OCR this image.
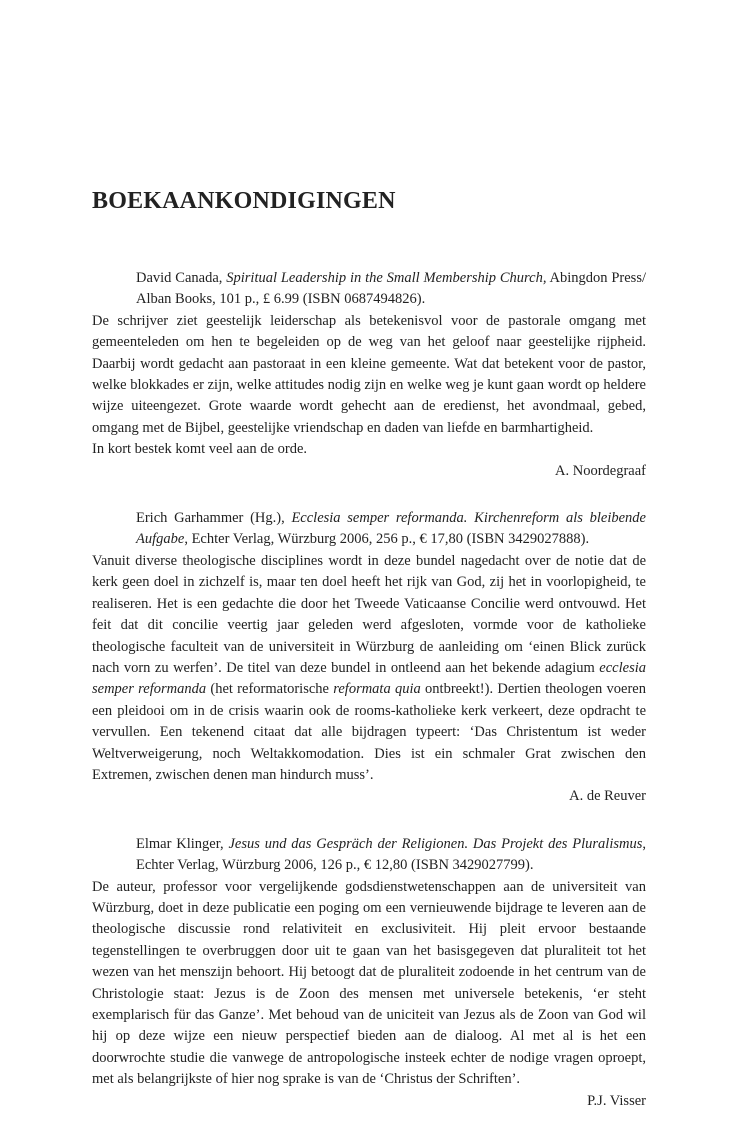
BOEKAANKONDIGINGEN
David Canada, Spiritual Leadership in the Small Membership Church, Abingdon Press/ Alban Books, 101 p., £ 6.99 (ISBN 0687494826).

De schrijver ziet geestelijk leiderschap als betekenisvol voor de pastorale omgang met gemeenteleden om hen te begeleiden op de weg van het geloof naar geestelijke rijpheid. Daarbij wordt gedacht aan pastoraat in een kleine gemeente. Wat dat betekent voor de pastor, welke blokkades er zijn, welke attitudes nodig zijn en welke weg je kunt gaan wordt op heldere wijze uiteengezet. Grote waarde wordt gehecht aan de eredienst, het avondmaal, gebed, omgang met de Bijbel, geestelijke vriendschap en daden van liefde en barmhartigheid.

In kort bestek komt veel aan de orde.

A. Noordegraaf
Erich Garhammer (Hg.), Ecclesia semper reformanda. Kirchenreform als bleibende Aufgabe, Echter Verlag, Würzburg 2006, 256 p., € 17,80 (ISBN 3429027888).

Vanuit diverse theologische disciplines wordt in deze bundel nagedacht over de notie dat de kerk geen doel in zichzelf is, maar ten doel heeft het rijk van God, zij het in voorlopigheid, te realiseren. Het is een gedachte die door het Tweede Vaticaanse Concilie werd ontvouwd. Het feit dat dit concilie veertig jaar geleden werd afgesloten, vormde voor de katholieke theologische faculteit van de universiteit in Würzburg de aanleiding om ‘einen Blick zurück nach vorn zu werfen’. De titel van deze bundel in ontleend aan het bekende adagium ecclesia semper reformanda (het reformatorische reformata quia ontbreekt!). Dertien theologen voeren een pleidooi om in de crisis waarin ook de rooms-katholieke kerk verkeert, deze opdracht te vervullen. Een tekenend citaat dat alle bijdragen typeert: ‘Das Christentum ist weder Weltverweigerung, noch Weltakkomodation. Dies ist ein schmaler Grat zwischen den Extremen, zwischen denen man hindurch muss’.

A. de Reuver
Elmar Klinger, Jesus und das Gespräch der Religionen. Das Projekt des Pluralismus, Echter Verlag, Würzburg 2006, 126 p., € 12,80 (ISBN 3429027799).

De auteur, professor voor vergelijkende godsdienstwetenschappen aan de universiteit van Würzburg, doet in deze publicatie een poging om een vernieuwende bijdrage te leveren aan de theologische discussie rond relativiteit en exclusiviteit. Hij pleit ervoor bestaande tegenstellingen te overbruggen door uit te gaan van het basisgegeven dat pluraliteit tot het wezen van het menszijn behoort. Hij betoogt dat de pluraliteit zodoende in het centrum van de Christologie staat: Jezus is de Zoon des mensen met universele betekenis, ‘er steht exemplarisch für das Ganze’. Met behoud van de uniciteit van Jezus als de Zoon van God wil hij op deze wijze een nieuw perspectief bieden aan de dialoog. Al met al is het een doorwrochte studie die vanwege de antropologische insteek echter de nodige vragen oproept, met als belangrijkste of hier nog sprake is van de ‘Christus der Schriften’.

P.J. Visser
